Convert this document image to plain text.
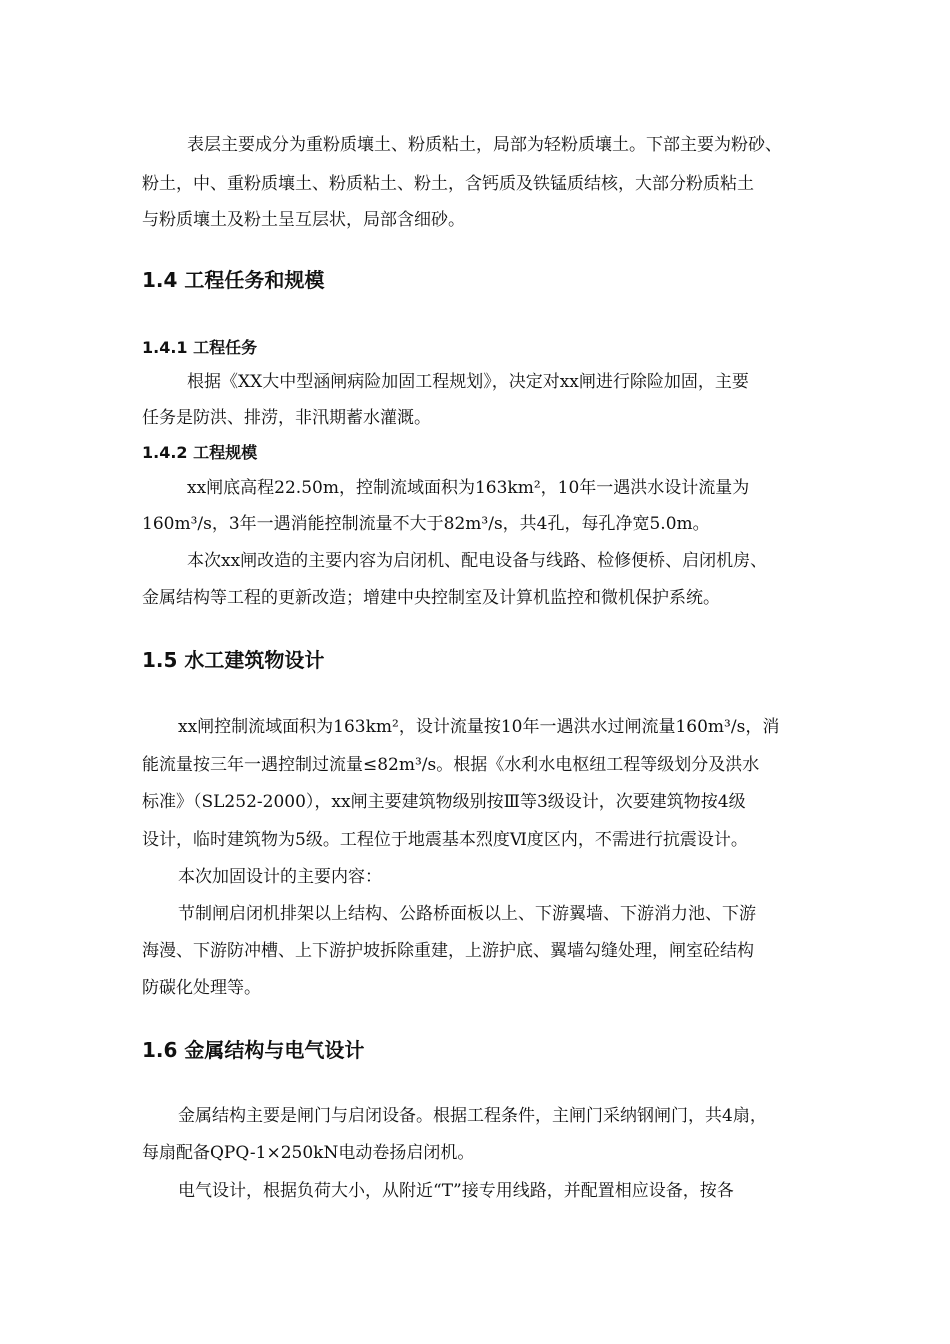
表层主要成分为重粉质壤土、粉质粘土，局部为轻粉质壤土。下部主要为粉砂、
粉土，中、重粉质壤土、粉质粘土、粉土，含钙质及铁锰质结核，大部分粉质粘土
与粉质壤土及粉土呈互层状，局部含细砂。
1.4 工程任务和规模
1.4.1 工程任务
根据《XX大中型涵闸病险加固工程规划》，决定对xx闸进行除险加固，主要
任务是防洪、排涝，非汛期蓄水灌溉。
1.4.2 工程规模
xx闸底高程22.50m，控制流域面积为163km²，10年一遇洪水设计流量为
160m³/s，3年一遇消能控制流量不大于82m³/s，共4孔，每孔净宽5.0m。
本次xx闸改造的主要内容为启闭机、配电设备与线路、检修便桥、启闭机房、
金属结构等工程的更新改造；增建中央控制室及计算机监控和微机保护系统。
1.5 水工建筑物设计
xx闸控制流域面积为163km²，设计流量按10年一遇洪水过闸流量160m³/s，消
能流量按三年一遇控制过流量≤82m³/s。根据《水利水电枢纽工程等级划分及洪水
标准》（SL252-2000），xx闸主要建筑物级别按Ⅲ等3级设计，次要建筑物按4级
设计，临时建筑物为5级。工程位于地震基本烈度Ⅵ度区内，不需进行抗震设计。
本次加固设计的主要内容：
节制闸启闭机排架以上结构、公路桥面板以上、下游翼墙、下游消力池、下游
海漫、下游防冲槽、上下游护坡拆除重建，上游护底、翼墙勾缝处理，闸室砼结构
防碳化处理等。
1.6 金属结构与电气设计
金属结构主要是闸门与启闭设备。根据工程条件，主闸门采纳钢闸门，共4扇，
每扇配备QPQ-1×250kN电动卷扬启闭机。
电气设计，根据负荷大小，从附近“T”接专用线路，并配置相应设备，按各
